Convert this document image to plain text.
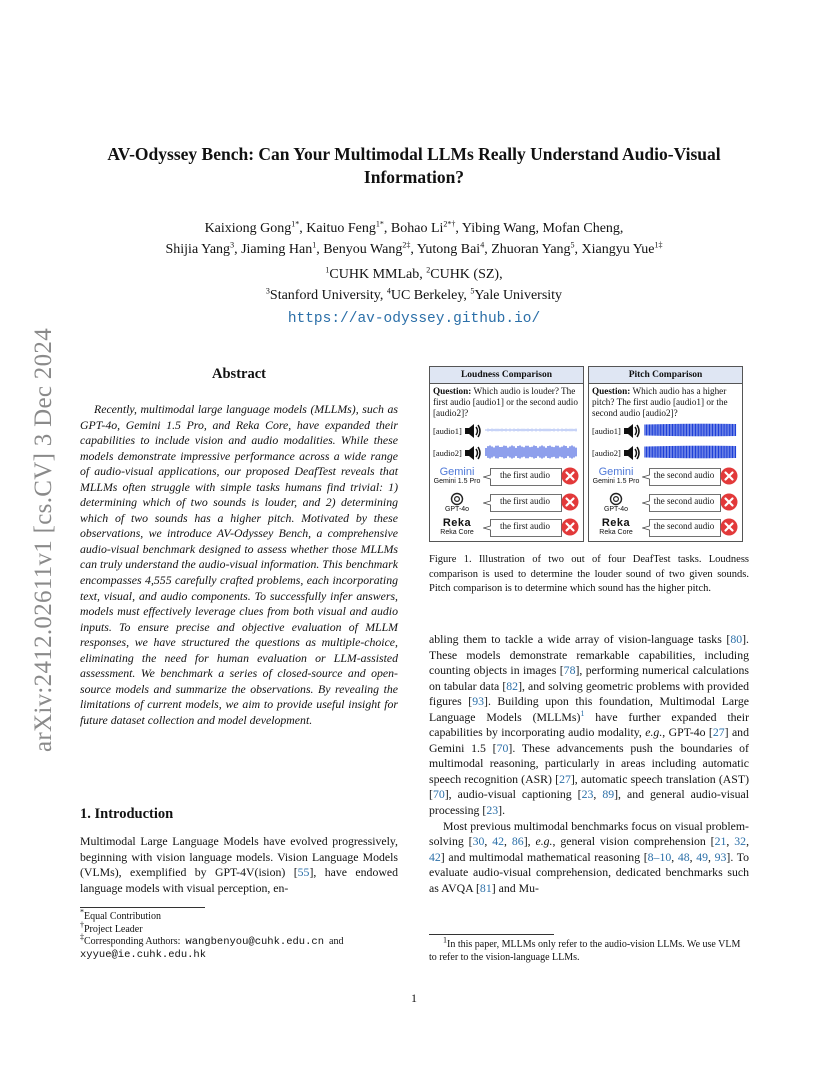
arXiv:2412.02611v1 [cs.CV] 3 Dec 2024
AV-Odyssey Bench: Can Your Multimodal LLMs Really Understand Audio-Visual Information?
Kaixiong Gong$^{1*}$, Kaituo Feng$^{1*}$, Bohao $Li^{2*\dagger}$, Yibing Wang, Mofan Cheng,
Shijia Yang$^3$, Jiaming Han$^1$, Benyou Wang$^{2\ddagger}$, Yutong Bai$^4$, Zhuoran Yang$^5$, Xiangyu Yue$^{1\ddagger}$
$^1$CUHK MMLab, $^2$CUHK (SZ),
$^3$Stanford University, $^4$UC Berkeley, $^5$Yale University
https://av-odyssey.github.io/
Abstract
Recently, multimodal large language models (MLLMs), such as GPT-4o, Gemini 1.5 Pro, and Reka Core, have expanded their capabilities to include vision and audio modalities. While these models demonstrate impressive performance across a wide range of audio-visual applications, our proposed DeafTest reveals that MLLMs often struggle with simple tasks humans find trivial: 1) determining which of two sounds is louder, and 2) determining which of two sounds has a higher pitch. Motivated by these observations, we introduce AV-Odyssey Bench, a comprehensive audio-visual benchmark designed to assess whether those MLLMs can truly understand the audio-visual information. This benchmark encompasses 4,555 carefully crafted problems, each incorporating text, visual, and audio components. To successfully infer answers, models must effectively leverage clues from both visual and audio inputs. To ensure precise and objective evaluation of MLLM responses, we have structured the questions as multiple-choice, eliminating the need for human evaluation or LLM-assisted assessment. We benchmark a series of closed-source and open-source models and summarize the observations. By revealing the limitations of current models, we aim to provide useful insight for future dataset collection and model development.
1. Introduction
Multimodal Large Language Models have evolved progressively, beginning with vision language models. Vision Language Models (VLMs), exemplified by GPT-4V(ision) [55], have endowed language models with visual perception, en-
*Equal Contribution
†Project Leader
‡Corresponding Authors: wangbenyou@cuhk.edu.cn and
xyyue@ie.cuhk.edu.hk
Loudness Comparison
Question: Which audio is louder? The first audio [audio1] or the second audio [audio2]?
[audio1]
[audio2]
Gemini
Gemini 1.5 Pro
the first audio
GPT-4o
the first audio
Reka
Reka Core
the first audio
Pitch Comparison
Question: Which audio has a higher pitch? The first audio [audio1] or the second audio [audio2]?
[audio1]
[audio2]
Gemini
Gemini 1.5 Pro
the second audio
GPT-4o
the second audio
Reka
Reka Core
the second audio
Figure 1. Illustration of two out of four DeafTest tasks. Loudness comparison is used to determine the louder sound of two given sounds. Pitch comparison is to determine which sound has the higher pitch.

abling them to tackle a wide array of vision-language tasks [80]. These models demonstrate remarkable capabilities, including counting objects in images [78], performing numerical calculations on tabular data [82], and solving geometric problems with provided figures [93]. Building upon this foundation, Multimodal Large Language Models (MLLMs)$^1$ have further expanded their capabilities by incorporating audio modality, e.g., GPT-4o [27] and Gemini 1.5 [70]. These advancements push the boundaries of multimodal reasoning, particularly in areas including automatic speech recognition (ASR) [27], automatic speech translation (AST) [70], audio-visual captioning [23, 89], and general audio-visual processing [23].

Most previous multimodal benchmarks focus on visual problem-solving [30, 42, 86], e.g., general vision comprehension [21, 32, 42] and multimodal mathematical reasoning [8–10, 48, 49, 93]. To evaluate audio-visual comprehension, dedicated benchmarks such as AVQA [81] and Mu-

$^1$In this paper, MLLMs only refer to the audio-vision LLMs. We use VLM to refer to the vision-language LLMs.
1
